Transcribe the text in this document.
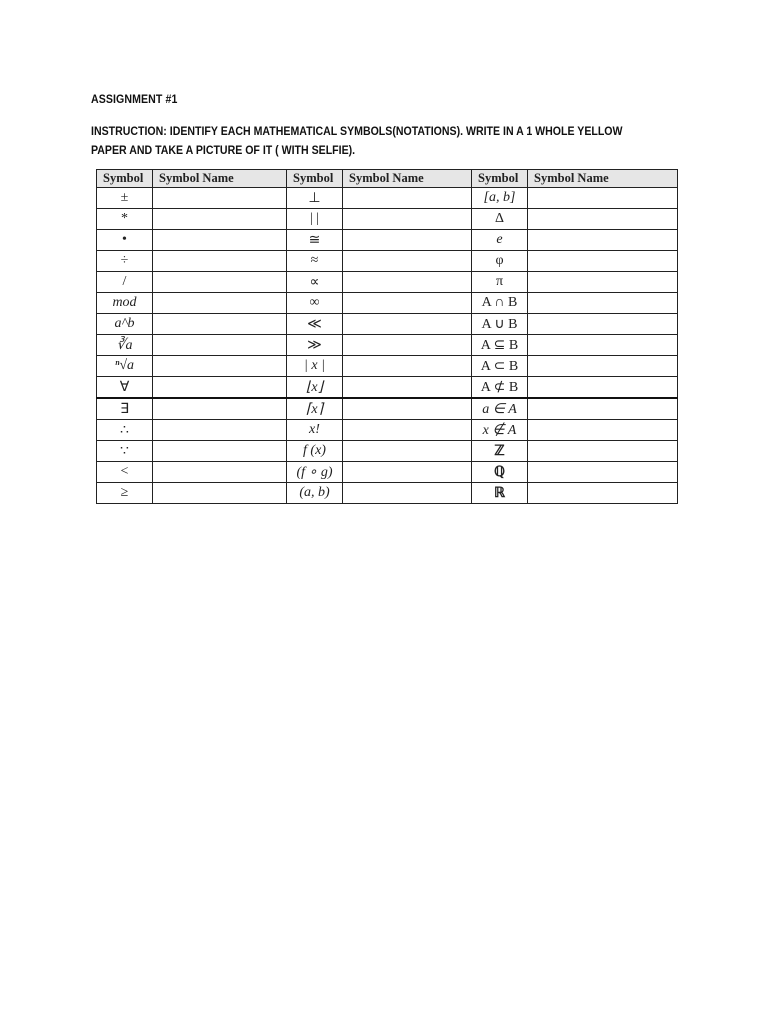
ASSIGNMENT #1
INSTRUCTION: IDENTIFY EACH MATHEMATICAL SYMBOLS(NOTATIONS). WRITE IN A 1 WHOLE YELLOW
PAPER AND TAKE A PICTURE OF IT ( WITH SELFIE).
Symbol	Symbol Name	Symbol	Symbol Name	Symbol	Symbol Name
±		⊥		[a, b]	
*		| |		Δ	
•		≅		e	
÷		≈		φ	
/		∝		π	
mod		∞		A ∩ B	
a^b		≪		A ∪ B	
∛a		≫		A ⊆ B	
ⁿ√a		| x |		A ⊂ B	
∀		⌊x⌋		A ⊄ B	
∃		⌈x⌉		a ∈ A	
∴		x!		x ∉ A	
∵		f (x)		ℤ	
<		(f ∘ g)		ℚ	
≥		(a, b)		ℝ	
